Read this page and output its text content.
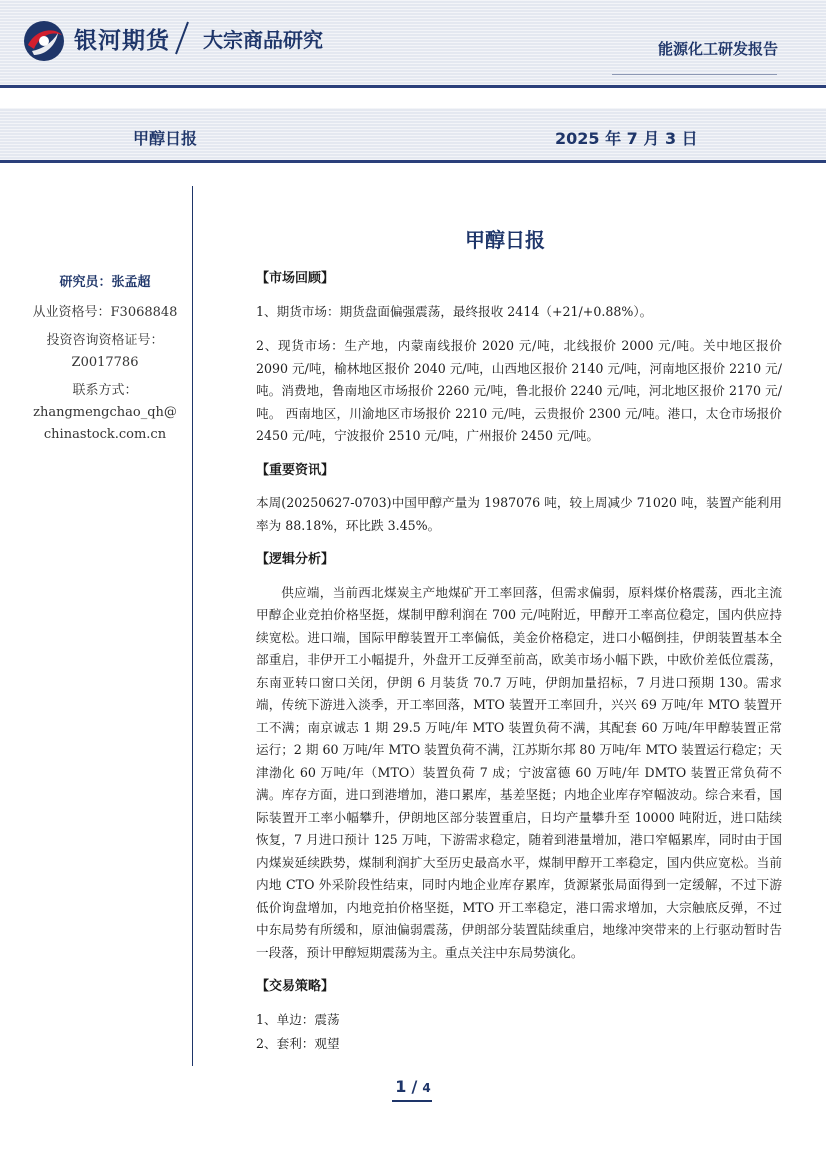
银河期货 大宗商品研究	能源化工研发报告
甲醇日报	2025 年 7 月 3 日
研究员：张孟超
从业资格号：F3068848
投资咨询资格证号：
Z0017786
联系方式：
zhangmengchao_qh@
chinastock.com.cn
甲醇日报
【市场回顾】

1、期货市场：期货盘面偏强震荡，最终报收 2414（+21/+0.88%）。

2、现货市场：生产地，内蒙南线报价 2020 元/吨，北线报价 2000 元/吨。关中地区报价 2090 元/吨，榆林地区报价 2040 元/吨，山西地区报价 2140 元/吨，河南地区报价 2210 元/吨。消费地，鲁南地区市场报价 2260 元/吨，鲁北报价 2240 元/吨，河北地区报价 2170 元/吨。 西南地区，川渝地区市场报价 2210 元/吨，云贵报价 2300 元/吨。港口，太仓市场报价 2450 元/吨，宁波报价 2510 元/吨，广州报价 2450 元/吨。

【重要资讯】

本周(20250627-0703)中国甲醇产量为 1987076 吨，较上周减少 71020 吨，装置产能利用率为 88.18%，环比跌 3.45%。

【逻辑分析】

供应端，当前西北煤炭主产地煤矿开工率回落，但需求偏弱，原料煤价格震荡，西北主流甲醇企业竞拍价格坚挺，煤制甲醇利润在 700 元/吨附近，甲醇开工率高位稳定，国内供应持续宽松。进口端，国际甲醇装置开工率偏低，美金价格稳定，进口小幅倒挂，伊朗装置基本全部重启，非伊开工小幅提升，外盘开工反弹至前高，欧美市场小幅下跌，中欧价差低位震荡，东南亚转口窗口关闭，伊朗 6 月装货 70.7 万吨，伊朗加量招标，7 月进口预期 130。需求端，传统下游进入淡季，开工率回落，MTO 装置开工率回升，兴兴 69 万吨/年 MTO 装置开工不满；南京诚志 1 期 29.5 万吨/年 MTO 装置负荷不满，其配套 60 万吨/年甲醇装置正常运行；2 期 60 万吨/年 MTO 装置负荷不满，江苏斯尔邦 80 万吨/年 MTO 装置运行稳定；天津渤化 60 万吨/年（MTO）装置负荷 7 成；宁波富德 60 万吨/年 DMTO 装置正常负荷不满。库存方面，进口到港增加，港口累库，基差坚挺；内地企业库存窄幅波动。综合来看，国际装置开工率小幅攀升，伊朗地区部分装置重启，日均产量攀升至 10000 吨附近，进口陆续恢复，7 月进口预计 125 万吨，下游需求稳定，随着到港量增加，港口窄幅累库，同时由于国内煤炭延续跌势，煤制利润扩大至历史最高水平，煤制甲醇开工率稳定，国内供应宽松。当前内地 CTO 外采阶段性结束，同时内地企业库存累库，货源紧张局面得到一定缓解，不过下游低价询盘增加，内地竞拍价格坚挺，MTO 开工率稳定，港口需求增加，大宗触底反弹，不过中东局势有所缓和，原油偏弱震荡，伊朗部分装置陆续重启，地缘冲突带来的上行驱动暂时告一段落，预计甲醇短期震荡为主。重点关注中东局势演化。

【交易策略】

1、单边：震荡

2、套利：观望

1 / 4
